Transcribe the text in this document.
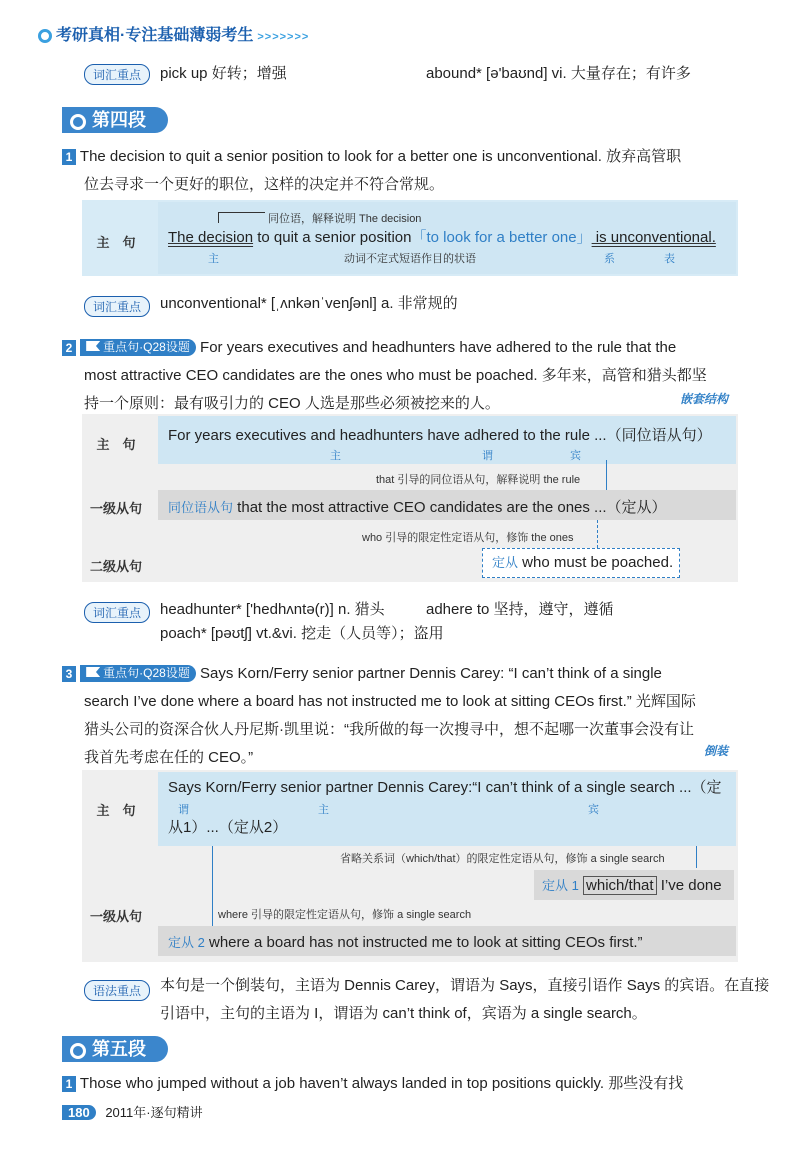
考研真相·专注基础薄弱考生 >>>>>>>
词汇重点	pick up 好转；增强	abound* [ə'baʊnd] vi. 大量存在；有许多
第四段
1 The decision to quit a senior position to look for a better one is unconventional. 放弃高管职
位去寻求一个更好的职位，这样的决定并不符合常规。
主　句
同位语，解释说明 The decision
The decision to quit a senior position「to look for a better one」 is unconventional.
主	动词不定式短语作目的状语	系	表
词汇重点	unconventional* [ˌʌnkənˈvenʃənl] a. 非常规的
2	重点句·Q28设题 For years executives and headhunters have adhered to the rule that the
most attractive CEO candidates are the ones who must be poached. 多年来，高管和猎头都坚
持一个原则：最有吸引力的 CEO 人选是那些必须被挖来的人。	嵌套结构
主　句
For years executives and headhunters have adhered to the rule ...（同位语从句）
主	谓	宾
that 引导的同位语从句，解释说明 the rule
一级从句	同位语从句 that the most attractive CEO candidates are the ones ...（定从）
who 引导的限定性定语从句，修饰 the ones
二级从句	定从 who must be poached.
词汇重点	headhunter* ['hedhʌntə(r)] n. 猎头	adhere to 坚持，遵守，遵循
poach* [pəʊtʃ] vt.&vi. 挖走（人员等）；盗用
3	重点句·Q28设题 Says Korn/Ferry senior partner Dennis Carey: “I can’t think of a single
search I’ve done where a board has not instructed me to look at sitting CEOs first.” 光辉国际
猎头公司的资深合伙人丹尼斯·凯里说：“我所做的每一次搜寻中，想不起哪一次董事会没有让
我首先考虑在任的 CEO。”	倒装
主　句
Says Korn/Ferry senior partner Dennis Carey:“I can’t think of a single search ...（定
谓	主	宾
从1）...（定从2）
省略关系词（which/that）的限定性定语从句，修饰 a single search
定从 1 which/that I’ve done
where 引导的限定性定语从句，修饰 a single search
一级从句
定从 2 where a board has not instructed me to look at sitting CEOs first.”
语法重点	本句是一个倒装句，主语为 Dennis Carey，谓语为 Says，直接引语作 Says 的宾语。在直接
引语中，主句的主语为 I，谓语为 can’t think of，宾语为 a single search。
第五段
1 Those who jumped without a job haven’t always landed in top positions quickly. 那些没有找
180 2011年·逐句精讲
